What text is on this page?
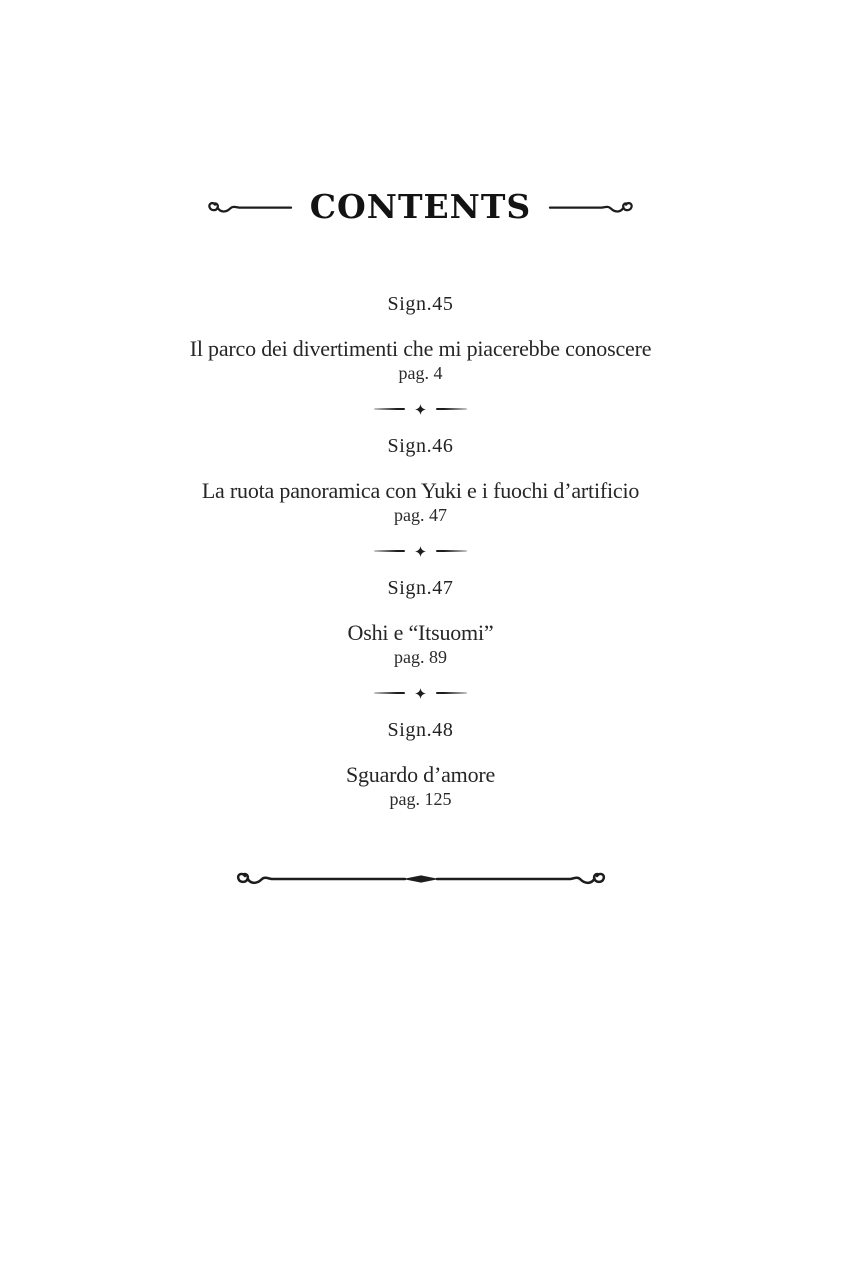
CONTENTS
Sign.45
Il parco dei divertimenti che mi piacerebbe conoscere
pag. 4
Sign.46
La ruota panoramica con Yuki e i fuochi d’artificio
pag. 47
Sign.47
Oshi e “Itsuomi”
pag. 89
Sign.48
Sguardo d’amore
pag. 125
